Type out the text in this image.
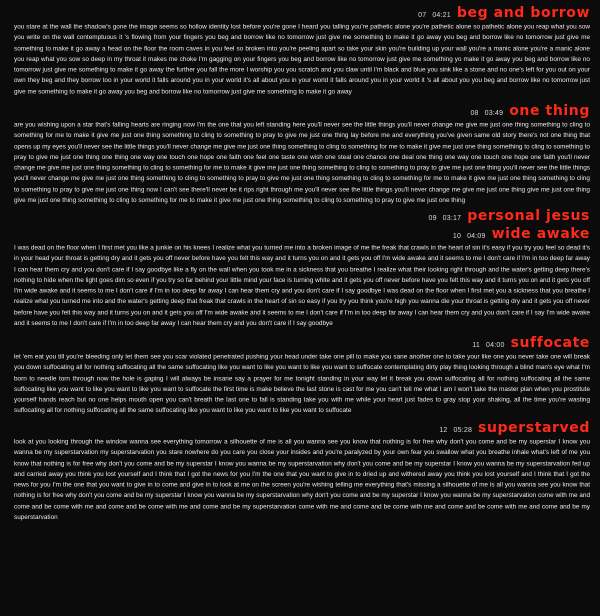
07 04:21 beg and borrow

you stare at the wall the shadow's gone the image seems so hollow identity lost before you're gone I heard you talling you're pathetic alone you're pathetic alone so pathetic alone you reap what you sow you write on the wall contemptuous it 's flowing from your fingers you beg and borrow like no tomorrow just give me something to make it go away you beg and borrow like no tomorrow just give me something to make it go away a head on the floor the room caves in you feel so broken into you're peeling apart so take your skin you're building up your wall you're a manic alone you're a manic alone you reap what you sow so deep in my throat it makes me choke I'm gagging on your fingers you beg and borrow like no tomorrow just give me something yo make it go away you beg and borrow like no tomorrow just give me something to make it go away the further you fall the more I worship you you scratch and you claw until I'm black and blue you sink like a stone and no one's left for you out on your own they beg and they borrow too in your world it falls around you in your world it's all about you in your world it falls around you in your world it 's all about you you beg and borrow like no tomorrow just give me something to make it go away you beg and borrow like no tomorrow just give me something to make it go away

08 03:49 one thing

are you wishing upon a star that's falling hearts are ringing now I'm the one that you left standing here you'll never see the little things you'll never change me give me just one thing something to cling to something for me to make it give me just one thing something to cling to something to pray to give me just one thing lay before me and everything you've given same old story there's not one thing that opens up my eyes you'll never see the little things you'll never change me give me just one thing something to cling to something for me to make it give me just one thing something to cling to something to pray to give me just one thing one thing one way one touch one hope one faith one feel one taste one wish one steal one chance one deal one thing one way one touch one hope one faith you'll never change me give me just one thing something to cling to something for me to make it give me just one thing something to cling to something to pray to give me just one thing you'll never see the little things you'll never change me give me just one thing something to cling to something to pray to give me just one thing something to cling to something for me to make it give me just one thing something to cling to something to pray to give me just one thing now I can't see there'll never be it rips right through me you'll never see the little things you'll never change me give me just one thing give me just one thing give me just one thing something to cling to something for me to make it give me just one thing something to cling to something to pray to give me just one thing

09 03:17 personal jesus
10 04:09 wide awake

I was dead on the floor when I first met you like a junkie on his knees I realize what you turned me into a broken image of me the freak that crawls in the heart of sin it's easy if you try you feel so dead it's in your head your throat is getting dry and it gets you off never before have you felt this way and it turns you on and it gets you off I'm wide awake and it seems to me I don't care if I'm in too deep far away I can hear them cry and you don't care if I say goodbye like a fly on the wall when you took me in a sickness that you breathe I realize what their looking right through and the water's getting deep there's nothing to hide when the light goes dim so even if you try so far behind your little mind your face is turning white and it gets you off never before have you felt this way and it turns you on and it gets you off I'm wide awake and it seems to me I don't care if I'm in too deep far away I can hear them cry and you don't care if I say goodbye I was dead on the floor when I first met you a sickness that you breathe I realize what you turned me into and the water's getting deep that freak that crawls in the heart of sin so easy if you try you think you're high you wanna die your throat is getting dry and it gets you off never before have you felt this way and it turns you on and it gets you off I'm wide awake and it seems to me I don't care if I'm in too deep far away I can hear them cry and you don't care if I say I'm wide awake and it seems to me I don't care if I'm in too deep far away I can hear them cry and you don't care if I say goodbye

11 04:00 suffocate

let 'em eat you till you're bleeding only let them see you scar violated penetrated pushing your head under take one pill to make you sane another one to take your like one you never take one will break you down suffocating all for nothing suffocating all the same suffocating like you want to like you want to like you want to suffocate contemplating dirty play thing looking through a blind man's eye what I'm born to needle torn through now the hole is gaping I will always be insane say a prayer for me tonight standing in your way let it break you down suffocating all for nothing suffocating all the same suffocating like you want to like you want to like you want to suffocate the first time is make believe the last stone is cast for me you can't tell me what I am I won't take the master plan when you prostitute yourself hands reach but no one helps mouth open you can't breath the last one to fall is standing take you with me while your heart just fades to gray stop your shaking, all the time you're wasting suffocating all for nothing suffocating all the same suffocating like you want to like you want to like you want to suffocate

12 05:28 superstarved

look at you looking through the window wanna see everything tomorrow a silhouette of me is all you wanna see you know that nothing is for free why don't you come and be my superstar I know you wanna be my superstarvation my superstarvation you stare nowhere do you care you close your insides and you're paralyzed by your own fear you swallow what you breathe inhale what's left of me you know that nothing is for free why don't you come and be my superstar I know you wanna be my superstarvation why don't you come and be my superstar I know you wanna be my superstarvation fed up and carried away you think you lost yourself and I think that I got the news for you I'm the one that you want to give in to dried up and withered away you think you lost yourself and I think that I got the news for you I'm the one that you want to give in to come and give in to look at me on the screen you're wishing telling me everything that's missing a silhouette of me is all you wanna see you know that nothing is for free why don't you come and be my superstar I know you wanna be my superstarvation why don't you come and be my superstar I know you wanna be my superstarvation come with me and come and be come with me and come and be come with me and come and be my superstarvation come with me and come and be come with me and come and be come with me and come and be my superstarvation
